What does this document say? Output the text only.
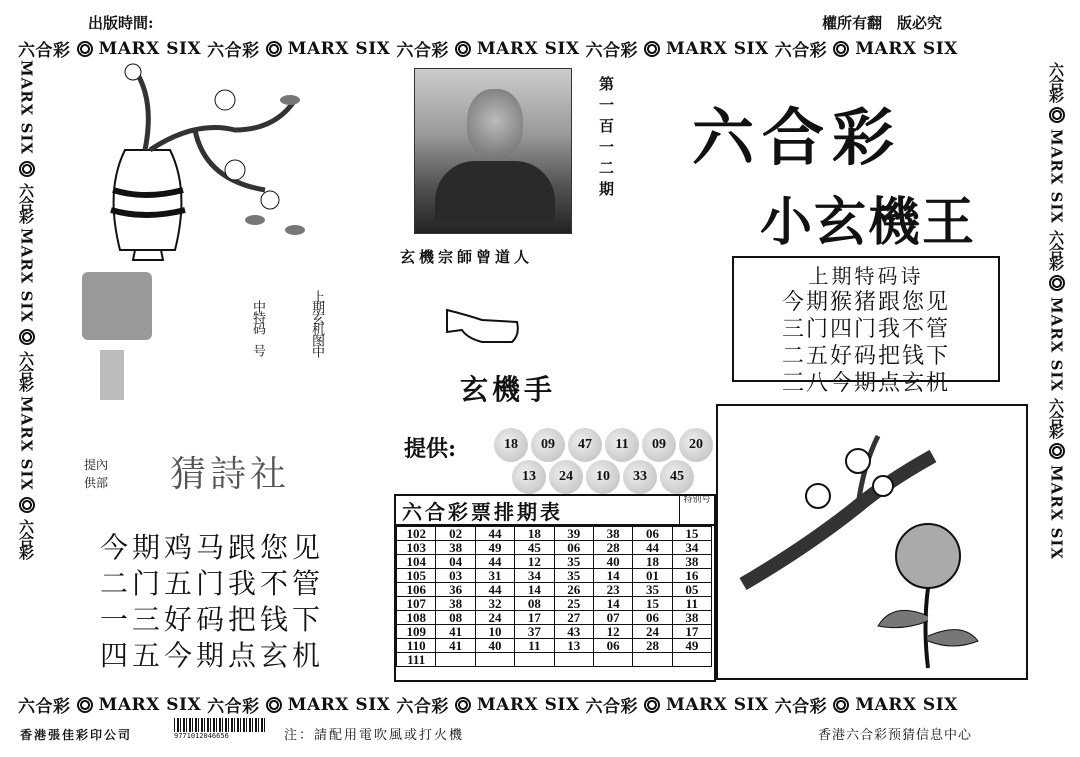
出版時間:	權所有翻　版必究
六合彩 MARX SIX 六合彩 MARX SIX 六合彩 MARX SIX 六合彩 MARX SIX 六合彩 MARX SIX
六合彩 MARX SIX 六合彩 MARX SIX 六合彩 MARX SIX 六合彩 MARX SIX 六合彩 MARX SIX
MARX SIX
六合彩
MARX SIX
六合彩
MARX SIX
六合彩
六合彩
MARX SIX
六合彩
MARX SIX
六合彩
MARX SIX
中特码　号	上期玄机图中
提內
供部 猜詩社
今期鸡马跟您见
二门五门我不管
一三好码把钱下
四五今期点玄机
第一百一二期
玄機宗師曾道人
玄機手
提供:	18	09	47	11	09	20
13	24	10	33	45
六合彩票排期表	特别号
102	02	44	18	39	38	06	15
103	38	49	45	06	28	44	34
104	04	44	12	35	40	18	38
105	03	31	34	35	14	01	16
106	36	44	14	26	23	35	05
107	38	32	08	25	14	15	11
108	08	24	17	27	07	06	38
109	41	10	37	43	12	24	17
110	41	40	11	13	06	28	49
111							
六合彩
小玄機王
上期特码诗
今期猴猪跟您见
三门四门我不管
二五好码把钱下
三八今期点玄机
香港張佳彩印公司	9771012046656	注：請配用電吹風或打火機	香港六合彩预猜信息中心
